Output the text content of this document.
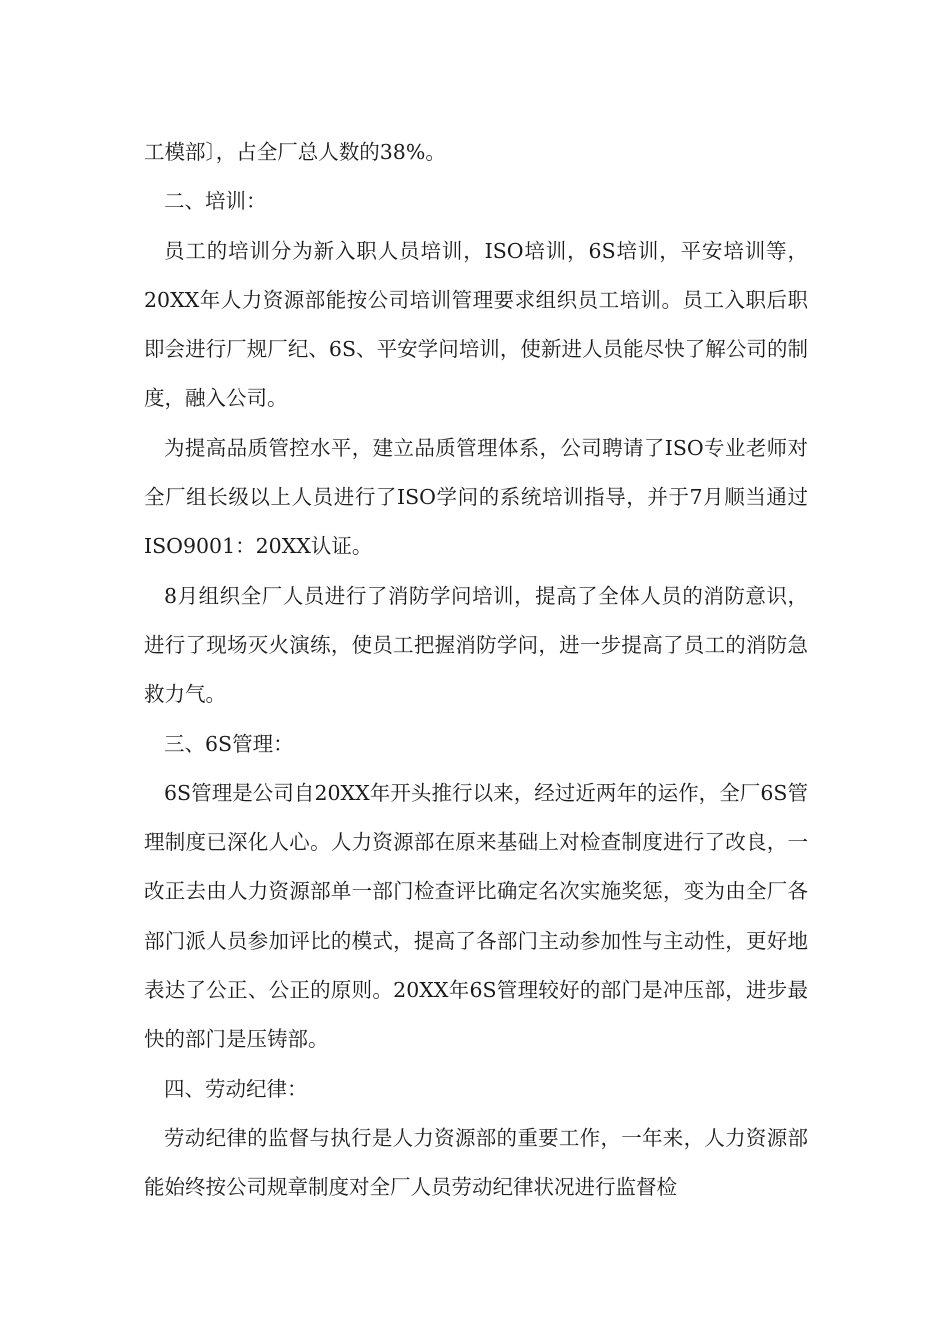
工模部〕，占全厂总人数的38%。

二、培训：

员工的培训分为新入职人员培训，ISO培训，6S培训，平安培训等，20XX年人力资源部能按公司培训管理要求组织员工培训。员工入职后职即会进行厂规厂纪、6S、平安学问培训，使新进人员能尽快了解公司的制度，融入公司。

为提高品质管控水平，建立品质管理体系，公司聘请了ISO专业老师对全厂组长级以上人员进行了ISO学问的系统培训指导，并于7月顺当通过ISO9001：20XX认证。

8月组织全厂人员进行了消防学问培训，提高了全体人员的消防意识，进行了现场灭火演练，使员工把握消防学问，进一步提高了员工的消防急救力气。

三、6S管理：

6S管理是公司自20XX年开头推行以来，经过近两年的运作，全厂6S管理制度已深化人心。人力资源部在原来基础上对检查制度进行了改良，一改正去由人力资源部单一部门检查评比确定名次实施奖惩，变为由全厂各部门派人员参加评比的模式，提高了各部门主动参加性与主动性，更好地表达了公正、公正的原则。20XX年6S管理较好的部门是冲压部，进步最快的部门是压铸部。

四、劳动纪律：

劳动纪律的监督与执行是人力资源部的重要工作，一年来，人力资源部能始终按公司规章制度对全厂人员劳动纪律状况进行监督检
